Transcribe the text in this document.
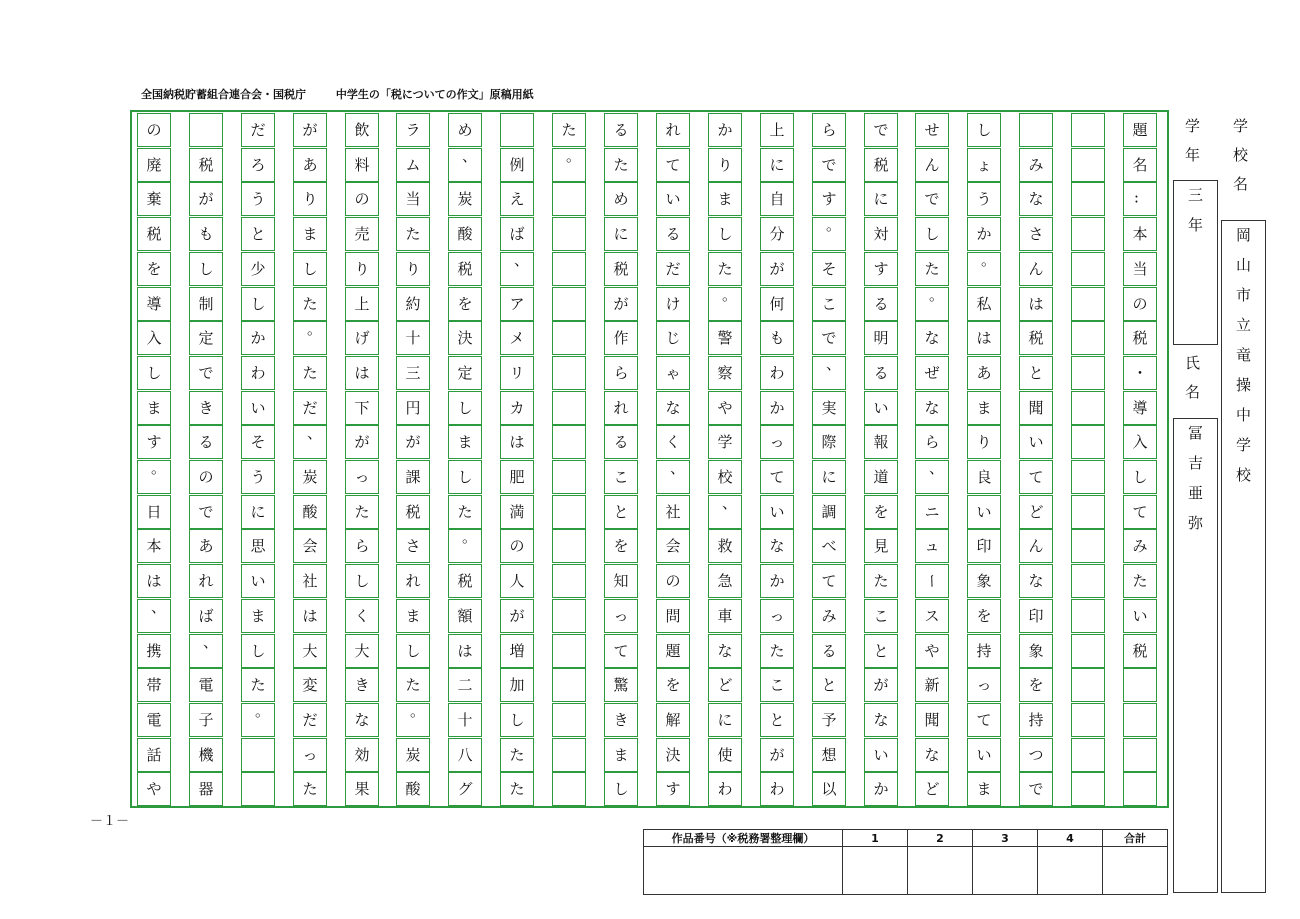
全国納税貯蓄組合連合会・国税庁	中学生の「税についての作文」原稿用紙
題
名
‥
本
当
の
税
・
導
入
し
て
み
た
い
税
み
な
さ
ん
は
税
と
聞
い
て
ど
ん
な
印
象
を
持
つ
で
し
ょ
う
か
。
私
は
あ
ま
り
良
い
印
象
を
持
っ
て
い
ま
せ
ん
で
し
た
。
な
ぜ
な
ら
、
ニ
ュ
ー
ス
や
新
聞
な
ど
で
税
に
対
す
る
明
る
い
報
道
を
見
た
こ
と
が
な
い
か
ら
で
す
。
そ
こ
で
、
実
際
に
調
べ
て
み
る
と
予
想
以
上
に
自
分
が
何
も
わ
か
っ
て
い
な
か
っ
た
こ
と
が
わ
か
り
ま
し
た
。
警
察
や
学
校
、
救
急
車
な
ど
に
使
わ
れ
て
い
る
だ
け
じ
ゃ
な
く
、
社
会
の
問
題
を
解
決
す
る
た
め
に
税
が
作
ら
れ
る
こ
と
を
知
っ
て
驚
き
ま
し
た
。
例
え
ば
、
ア
メ
リ
カ
は
肥
満
の
人
が
増
加
し
た
た
め
、
炭
酸
税
を
決
定
し
ま
し
た
。
税
額
は
二
十
八
グ
ラ
ム
当
た
り
約
十
三
円
が
課
税
さ
れ
ま
し
た
。
炭
酸
飲
料
の
売
り
上
げ
は
下
が
っ
た
ら
し
く
大
き
な
効
果
が
あ
り
ま
し
た
。
た
だ
、
炭
酸
会
社
は
大
変
だ
っ
た
だ
ろ
う
と
少
し
か
わ
い
そ
う
に
思
い
ま
し
た
。
税
が
も
し
制
定
で
き
る
の
で
あ
れ
ば
、
電
子
機
器
の
廃
棄
税
を
導
入
し
ま
す
。
日
本
は
、
携
帯
電
話
や
－１－
学校名
岡山市立竜操中学校
学年
三年
氏名
冨吉亜弥
作品番号（※税務署整理欄）	1	2	3	4	合計
